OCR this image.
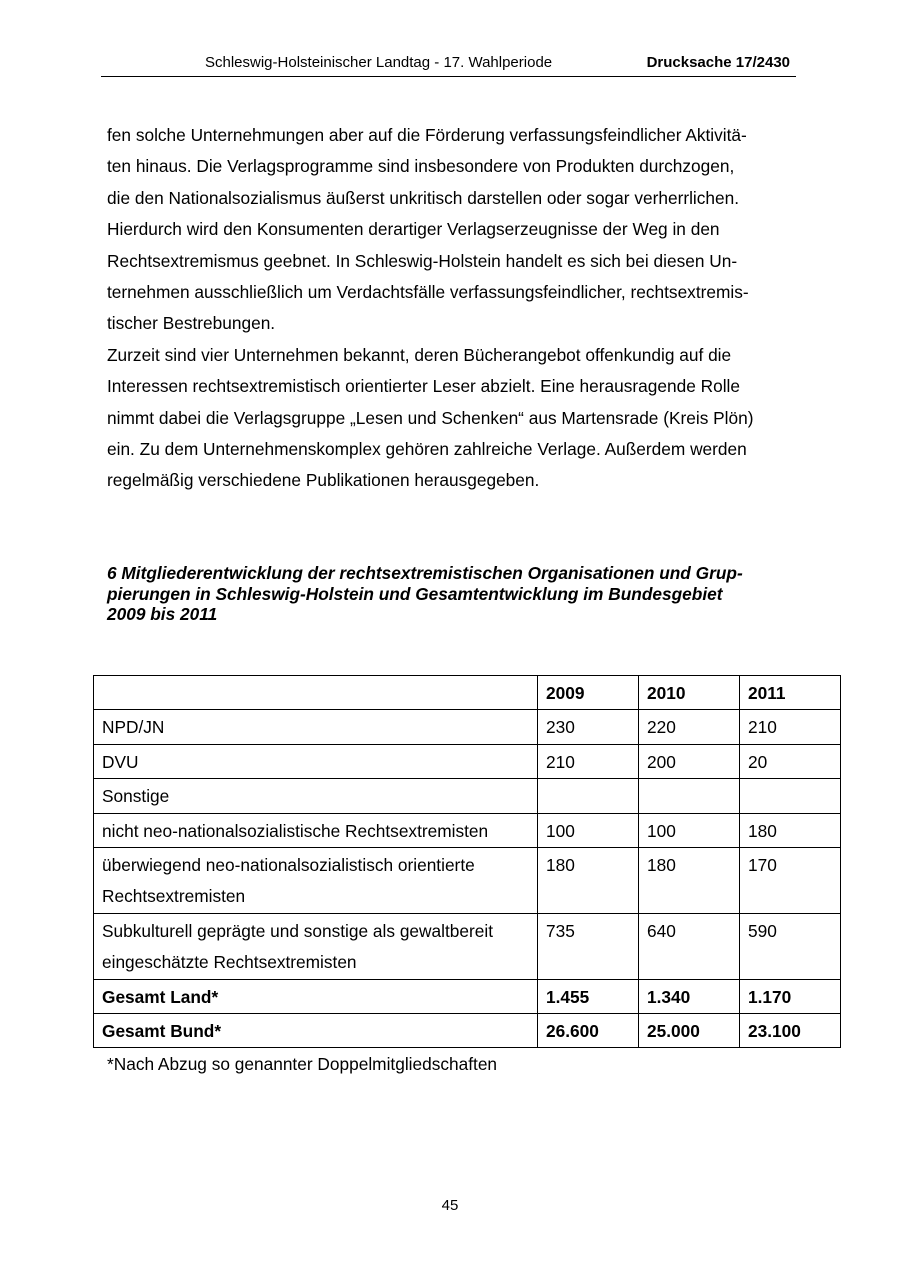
Schleswig-Holsteinischer Landtag - 17. Wahlperiode	Drucksache 17/2430

fen solche Unternehmungen aber auf die Förderung verfassungsfeindlicher Aktivitä-

ten hinaus. Die Verlagsprogramme sind insbesondere von Produkten durchzogen,

die den Nationalsozialismus äußerst unkritisch darstellen oder sogar verherrlichen.

Hierdurch wird den Konsumenten derartiger Verlagserzeugnisse der Weg in den

Rechtsextremismus geebnet. In Schleswig-Holstein handelt es sich bei diesen Un-

ternehmen ausschließlich um Verdachtsfälle verfassungsfeindlicher, rechtsextremis-

tischer Bestrebungen.

Zurzeit sind vier Unternehmen bekannt, deren Bücherangebot offenkundig auf die

Interessen rechtsextremistisch orientierter Leser abzielt. Eine herausragende Rolle

nimmt dabei die Verlagsgruppe „Lesen und Schenken“ aus Martensrade (Kreis Plön)

ein. Zu dem Unternehmenskomplex gehören zahlreiche Verlage. Außerdem werden

regelmäßig verschiedene Publikationen herausgegeben.

6 Mitgliederentwicklung der rechtsextremistischen Organisationen und Grup-

pierungen in Schleswig-Holstein und Gesamtentwicklung im Bundesgebiet

2009 bis 2011

	2009	2010	2011
NPD/JN	230	220	210
DVU	210	200	20
Sonstige			
nicht neo-nationalsozialistische Rechtsextremisten	100	100	180
überwiegend neo-nationalsozialistisch orientierte
Rechtsextremisten	180	180	170
Subkulturell geprägte und sonstige als gewaltbereit
eingeschätzte Rechtsextremisten	735	640	590
Gesamt Land*	1.455	1.340	1.170
Gesamt Bund*	26.600	25.000	23.100
*Nach Abzug so genannter Doppelmitgliedschaften
45
